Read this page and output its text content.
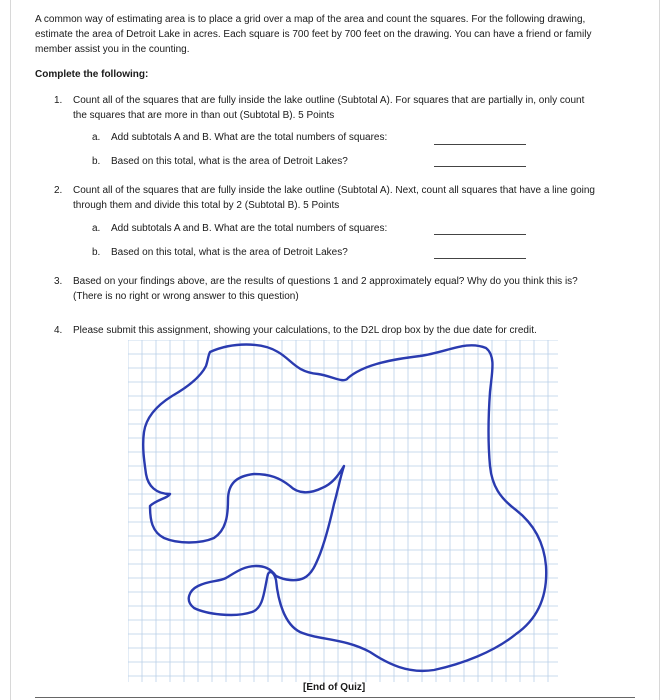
A common way of estimating area is to place a grid over a map of the area and count the squares. For the following drawing,
estimate the area of Detroit Lake in acres. Each square is 700 feet by 700 feet on the drawing. You can have a friend or family
member assist you in the counting.
Complete the following:
1. Count all of the squares that are fully inside the lake outline (Subtotal A). For squares that are partially in, only count
the squares that are more in than out (Subtotal B). 5 Points
a. Add subtotals A and B. What are the total numbers of squares:
b. Based on this total, what is the area of Detroit Lakes?
2. Count all of the squares that are fully inside the lake outline (Subtotal A). Next, count all squares that have a line going
through them and divide this total by 2 (Subtotal B). 5 Points
a. Add subtotals A and B. What are the total numbers of squares:
b. Based on this total, what is the area of Detroit Lakes?
3. Based on your findings above, are the results of questions 1 and 2 approximately equal? Why do you think this is?
(There is no right or wrong answer to this question)
4. Please submit this assignment, showing your calculations, to the D2L drop box by the due date for credit.
[End of Quiz]
